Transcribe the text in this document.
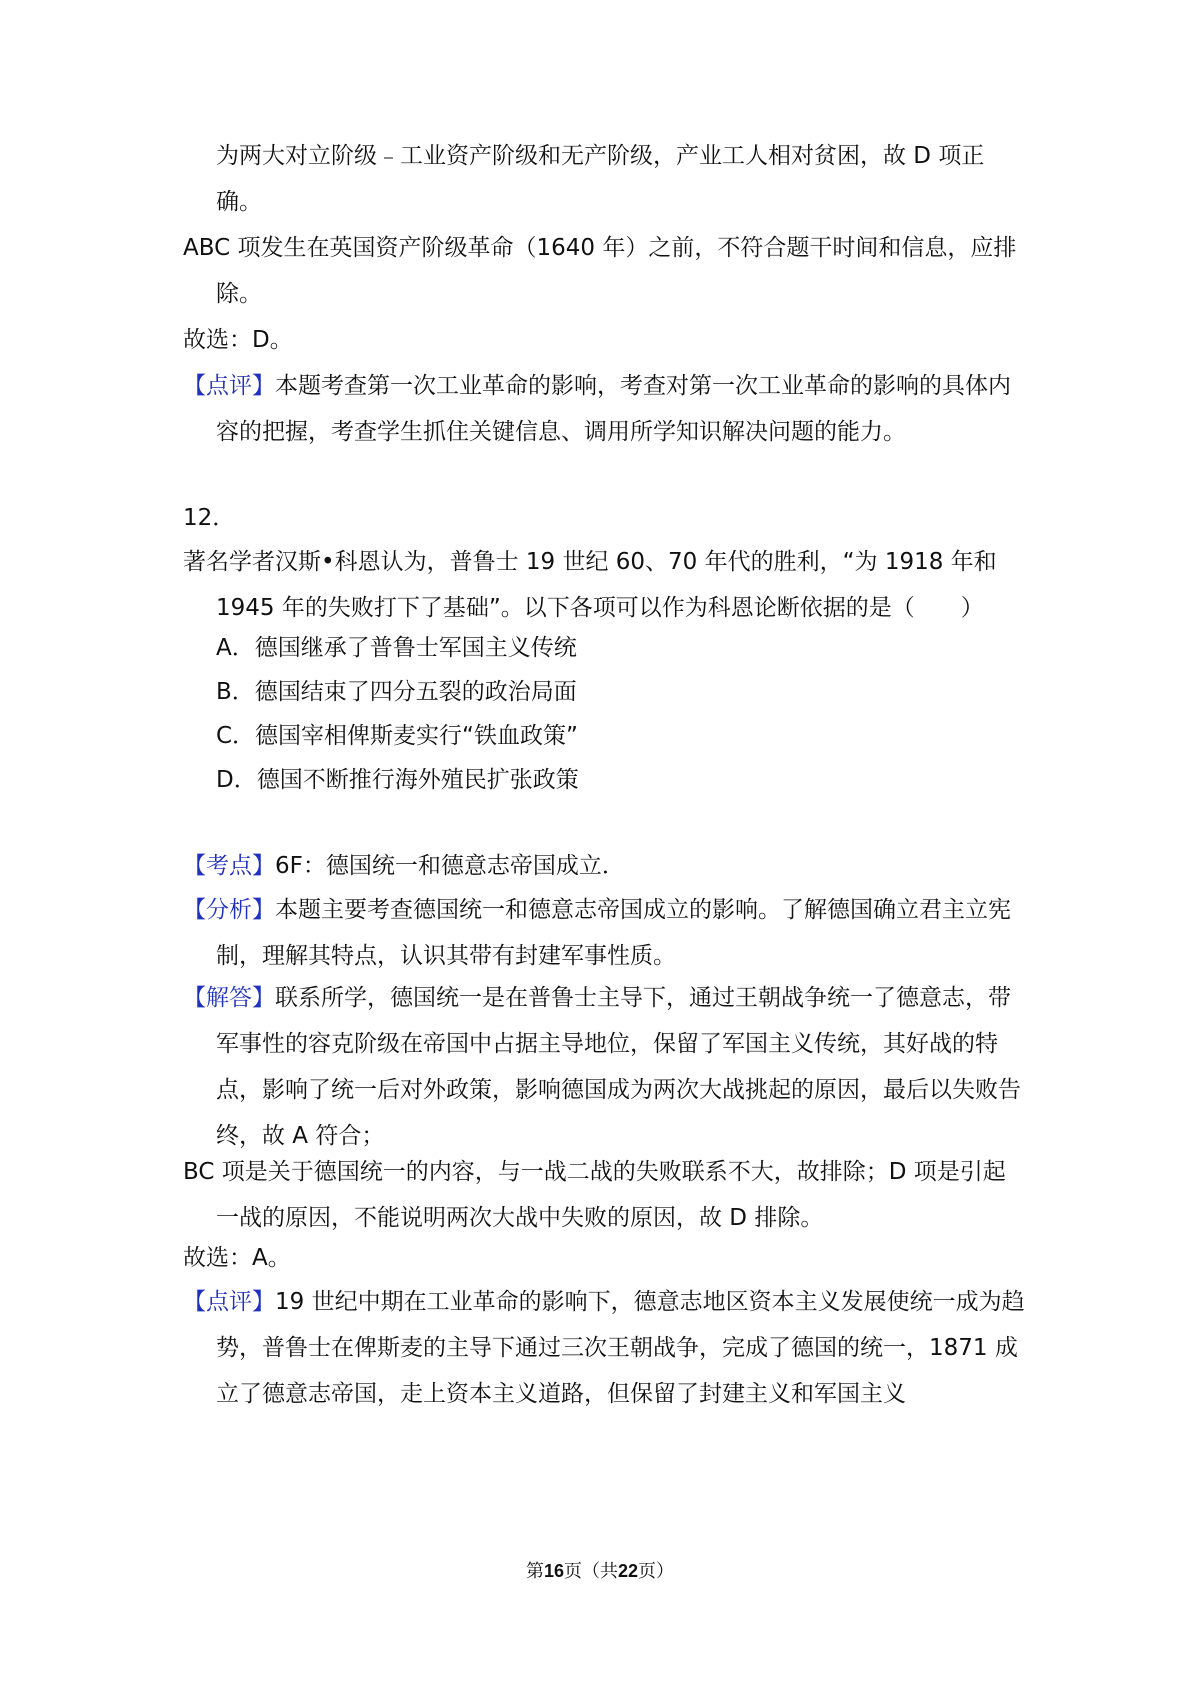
为两大对立阶级﹣工业资产阶级和无产阶级，产业工人相对贫困，故 D 项正确。

ABC 项发生在英国资产阶级革命（1640 年）之前，不符合题干时间和信息，应排除。

故选：D。

【点评】本题考查第一次工业革命的影响，考查对第一次工业革命的影响的具体内容的把握，考查学生抓住关键信息、调用所学知识解决问题的能力。

12．

著名学者汉斯•科恩认为，普鲁士 19 世纪 60、70 年代的胜利，“为 1918 年和 1945 年的失败打下了基础”。以下各项可以作为科恩论断依据的是（　　）

A．德国继承了普鲁士军国主义传统

B．德国结束了四分五裂的政治局面

C．德国宰相俾斯麦实行“铁血政策”

D．德国不断推行海外殖民扩张政策

【考点】6F：德国统一和德意志帝国成立．

【分析】本题主要考查德国统一和德意志帝国成立的影响。了解德国确立君主立宪制，理解其特点，认识其带有封建军事性质。

【解答】联系所学，德国统一是在普鲁士主导下，通过王朝战争统一了德意志，带军事性的容克阶级在帝国中占据主导地位，保留了军国主义传统，其好战的特点，影响了统一后对外政策，影响德国成为两次大战挑起的原因，最后以失败告终，故 A 符合；

BC 项是关于德国统一的内容，与一战二战的失败联系不大，故排除；D 项是引起一战的原因，不能说明两次大战中失败的原因，故 D 排除。

故选：A。

【点评】19 世纪中期在工业革命的影响下，德意志地区资本主义发展使统一成为趋势，普鲁士在俾斯麦的主导下通过三次王朝战争，完成了德国的统一，1871 成立了德意志帝国，走上资本主义道路，但保留了封建主义和军国主义

第16页（共22页）
